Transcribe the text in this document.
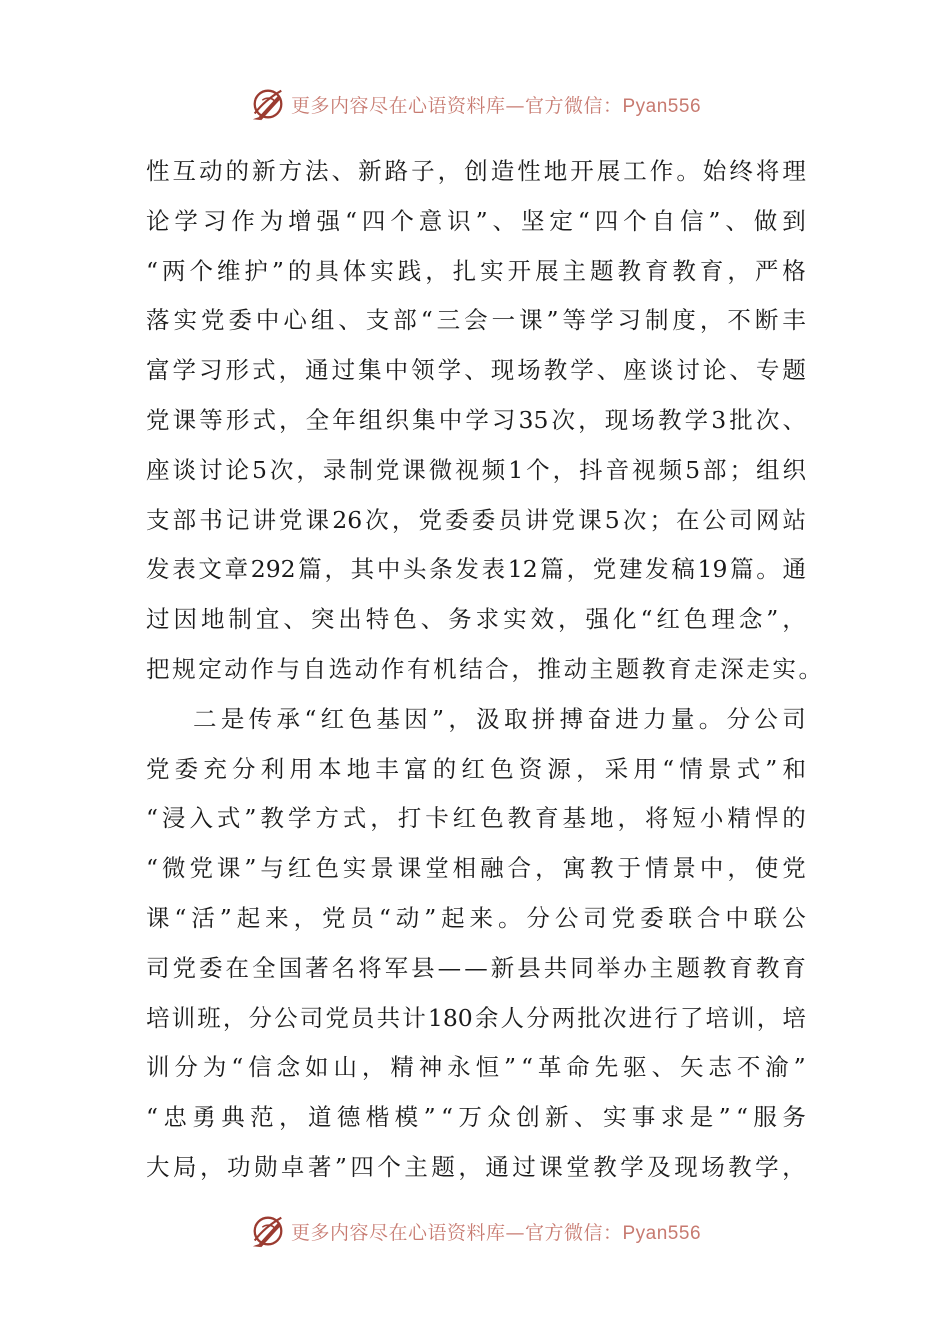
更多内容尽在心语资料库—官方微信：Pyan556
性 互 动 的 新 方 法 、 新 路 子 ， 创 造 性 地 开 展 工 作 。 始 终 将 理
论 学 习 作 为 增 强 “ 四 个 意 识 ” 、 坚 定 “ 四 个 自 信 ” 、 做 到
“ 两 个 维 护 ” 的 具 体 实 践 ， 扎 实 开 展 主 题 教 育 教 育 ， 严 格
落 实 党 委 中 心 组 、 支 部 “ 三 会 一 课 ” 等 学 习 制 度 ， 不 断 丰
富 学 习 形 式 ， 通 过 集 中 领 学 、 现 场 教 学 、 座 谈 讨 论 、 专 题
党 课 等 形 式 ， 全 年 组 织 集 中 学 习 35 次 ， 现 场 教 学 3 批 次 、
座 谈 讨 论 5 次 ， 录 制 党 课 微 视 频 1 个 ， 抖 音 视 频 5 部 ； 组 织
支 部 书 记 讲 党 课 26 次 ， 党 委 委 员 讲 党 课 5 次 ； 在 公 司 网 站
发 表 文 章 292 篇 ， 其 中 头 条 发 表 12 篇 ， 党 建 发 稿 19 篇 。 通
过 因 地 制 宜 、 突 出 特 色 、 务 求 实 效 ， 强 化 “ 红 色 理 念 ” ，
把规定动作与自选动作有机结合，推动主题教育走深走实。
二 是 传 承 “ 红 色 基 因 ” ， 汲 取 拼 搏 奋 进 力 量 。 分 公 司
党 委 充 分 利 用 本 地 丰 富 的 红 色 资 源 ， 采 用 “ 情 景 式 ” 和
“ 浸 入 式 ” 教 学 方 式 ， 打 卡 红 色 教 育 基 地 ， 将 短 小 精 悍 的
“ 微 党 课 ” 与 红 色 实 景 课 堂 相 融 合 ， 寓 教 于 情 景 中 ， 使 党
课 “ 活 ” 起 来 ， 党 员 “ 动 ” 起 来 。 分 公 司 党 委 联 合 中 联 公
司 党 委 在 全 国 著 名 将 军 县 — — 新 县 共 同 举 办 主 题 教 育 教 育
培 训 班 ， 分 公 司 党 员 共 计 180 余 人 分 两 批 次 进 行 了 培 训 ， 培
训 分 为 “ 信 念 如 山 ， 精 神 永 恒 ” “ 革 命 先 驱 、 矢 志 不 渝 ”
“ 忠 勇 典 范 ， 道 德 楷 模 ” “ 万 众 创 新 、 实 事 求 是 ” “ 服 务
大 局 ， 功 勋 卓 著 ” 四 个 主 题 ， 通 过 课 堂 教 学 及 现 场 教 学 ，
更多内容尽在心语资料库—官方微信：Pyan556
